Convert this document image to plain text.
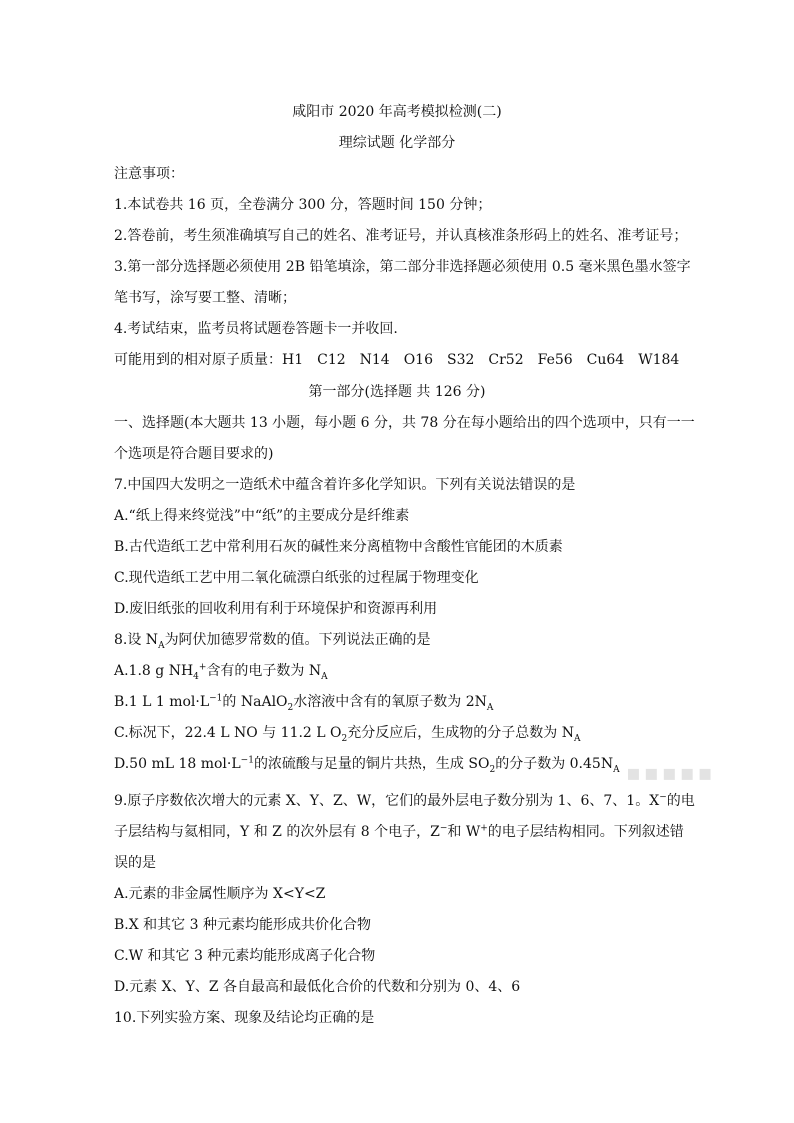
咸阳市 2020 年高考模拟检测(二)
理综试题 化学部分
注意事项：
1.本试卷共 16 页，全卷满分 300 分，答题时间 150 分钟；
2.答卷前，考生须准确填写自己的姓名、准考证号，并认真核准条形码上的姓名、准考证号；
3.第一部分选择题必须使用 2B 铅笔填涂，第二部分非选择题必须使用 0.5 毫米黑色墨水签字
笔书写，涂写要工整、清晰；
4.考试结束，监考员将试题卷答题卡一并收回.
可能用到的相对原子质量：H1　C12　N14　O16　S32　Cr52　Fe56　Cu64　W184
第一部分(选择题 共 126 分)
一、选择题(本大题共 13 小题，每小题 6 分，共 78 分在每小题给出的四个选项中，只有一一
个选项是符合题目要求的)
7.中国四大发明之一造纸术中蕴含着许多化学知识。下列有关说法错误的是
A.“纸上得来终觉浅”中“纸”的主要成分是纤维素
B.古代造纸工艺中常利用石灰的碱性来分离植物中含酸性官能团的木质素
C.现代造纸工艺中用二氧化硫漂白纸张的过程属于物理变化
D.废旧纸张的回收利用有利于环境保护和资源再利用
8.设 $N_A$为阿伏加德罗常数的值。下列说法正确的是
A.1.8 g $NH_4^+$含有的电子数为 $N_A$
B.1 L 1 $mol\cdot L^{-1}$的 NaAlO$_2$水溶液中含有的氧原子数为 $2N_A$
C.标况下，22.4 L NO 与 11.2 L $O_2$充分反应后，生成物的分子总数为 $N_A$
D.50 mL 18 $mol\cdot L^{-1}$的浓硫酸与足量的铜片共热，生成 $SO_2$的分子数为 $0.45N_A$ ▪▪▪▪▪
9.原子序数依次增大的元素 X、Y、Z、W，它们的最外层电子数分别为 1、6、7、1。X−的电
子层结构与氦相同，Y 和 Z 的次外层有 8 个电子，Z−和 W+的电子层结构相同。下列叙述错
误的是
A.元素的非金属性顺序为 X<Y<Z
B.X 和其它 3 种元素均能形成共价化合物
C.W 和其它 3 种元素均能形成离子化合物
D.元素 X、Y、Z 各自最高和最低化合价的代数和分别为 0、4、6
10.下列实验方案、现象及结论均正确的是
